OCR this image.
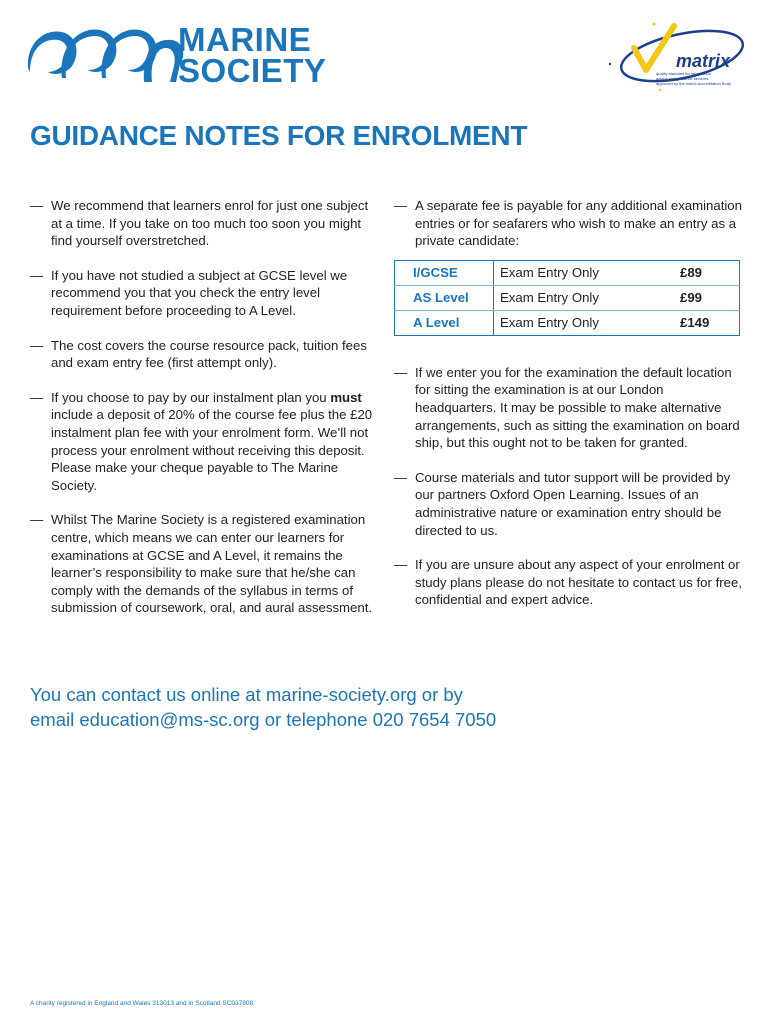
MARINE
SOCIETY	matrix
quality standard for information
advice and guidance services
approved by the matrix Accreditation Body
GUIDANCE NOTES FOR ENROLMENT

— We recommend that learners enrol for just one subject at a time. If you take on too much too soon you might find yourself overstretched.

— If you have not studied a subject at GCSE level we recommend you that you check the entry level requirement before proceeding to A Level.

— The cost covers the course resource pack, tuition fees and exam entry fee (first attempt only).

— If you choose to pay by our instalment plan you must include a deposit of 20% of the course fee plus the £20 instalment plan fee with your enrolment form. We’ll not process your enrolment without receiving this deposit. Please make your cheque payable to The Marine Society.

— Whilst The Marine Society is a registered examination centre, which means we can enter our learners for examinations at GCSE and A Level, it remains the learner’s responsibility to make sure that he/she can comply with the demands of the syllabus in terms of submission of coursework, oral, and aural assessment.

— A separate fee is payable for any additional examination entries or for seafarers who wish to make an entry as a private candidate:

I/GCSE	Exam Entry Only	£89
AS Level	Exam Entry Only	£99
A Level	Exam Entry Only	£149

— If we enter you for the examination the default location for sitting the examination is at our London headquarters. It may be possible to make alternative arrangements, such as sitting the examination on board ship, but this ought not to be taken for granted.

— Course materials and tutor support will be provided by our partners Oxford Open Learning. Issues of an administrative nature or examination entry should be directed to us.

— If you are unsure about any aspect of your enrolment or study plans please do not hesitate to contact us for free, confidential and expert advice.

You can contact us online at marine-society.org or by
email education@ms-sc.org or telephone 020 7654 7050
A charity registered in England and Wales 313013 and in Scotland SC037808
